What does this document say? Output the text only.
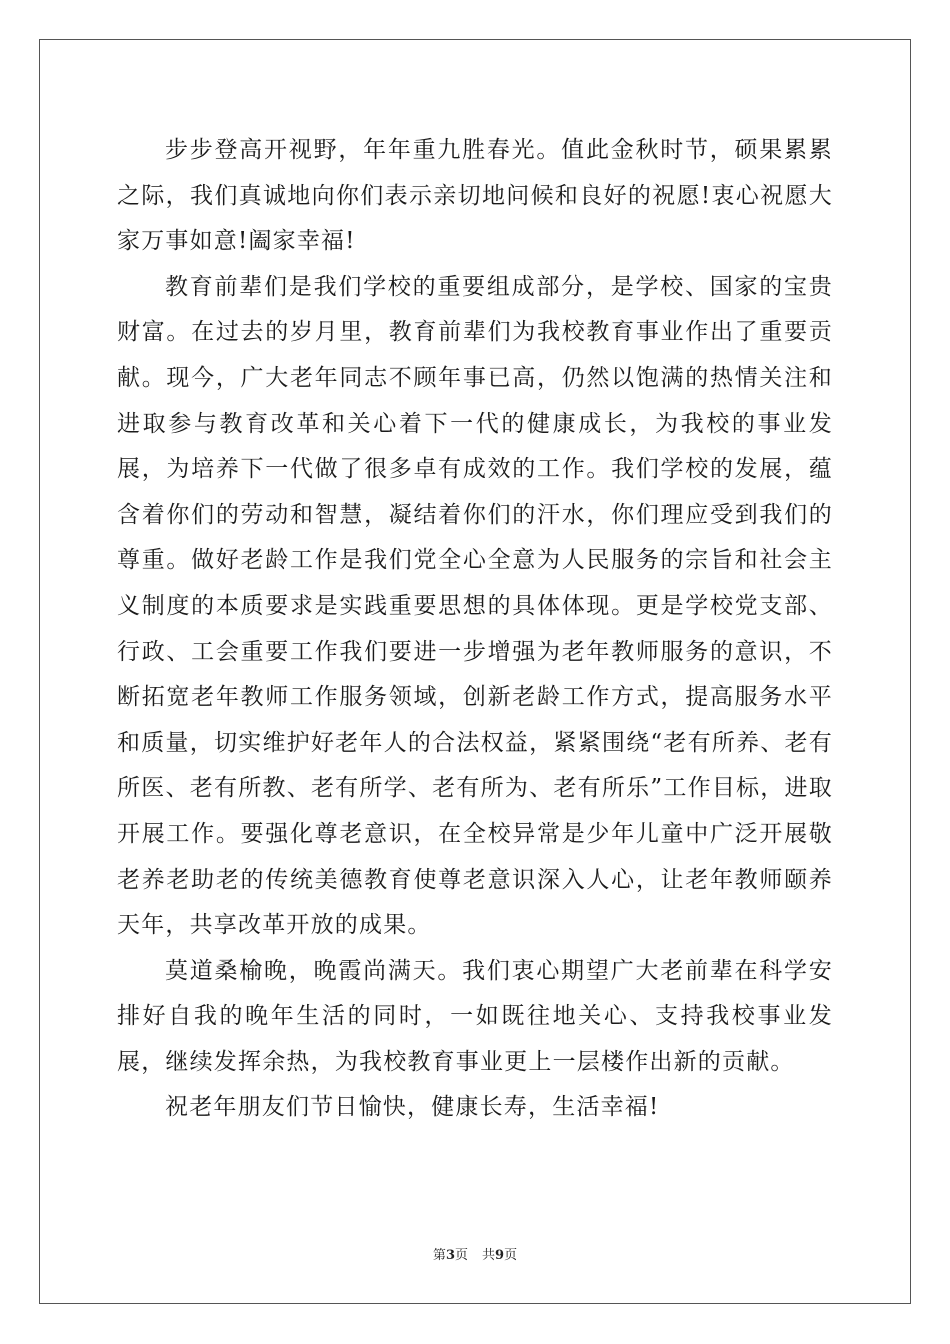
步步登高开视野，年年重九胜春光。值此金秋时节，硕果累累之际，我们真诚地向你们表示亲切地问候和良好的祝愿!衷心祝愿大家万事如意!阖家幸福!

教育前辈们是我们学校的重要组成部分，是学校、国家的宝贵财富。在过去的岁月里，教育前辈们为我校教育事业作出了重要贡献。现今，广大老年同志不顾年事已高，仍然以饱满的热情关注和进取参与教育改革和关心着下一代的健康成长，为我校的事业发展，为培养下一代做了很多卓有成效的工作。我们学校的发展，蕴含着你们的劳动和智慧，凝结着你们的汗水，你们理应受到我们的尊重。做好老龄工作是我们党全心全意为人民服务的宗旨和社会主义制度的本质要求是实践重要思想的具体体现。更是学校党支部、行政、工会重要工作我们要进一步增强为老年教师服务的意识，不断拓宽老年教师工作服务领域，创新老龄工作方式，提高服务水平和质量，切实维护好老年人的合法权益，紧紧围绕“老有所养、老有所医、老有所教、老有所学、老有所为、老有所乐”工作目标，进取开展工作。要强化尊老意识，在全校异常是少年儿童中广泛开展敬老养老助老的传统美德教育使尊老意识深入人心，让老年教师颐养天年，共享改革开放的成果。

莫道桑榆晚，晚霞尚满天。我们衷心期望广大老前辈在科学安排好自我的晚年生活的同时，一如既往地关心、支持我校事业发展，继续发挥余热，为我校教育事业更上一层楼作出新的贡献。

祝老年朋友们节日愉快，健康长寿，生活幸福!

第3页 共9页
